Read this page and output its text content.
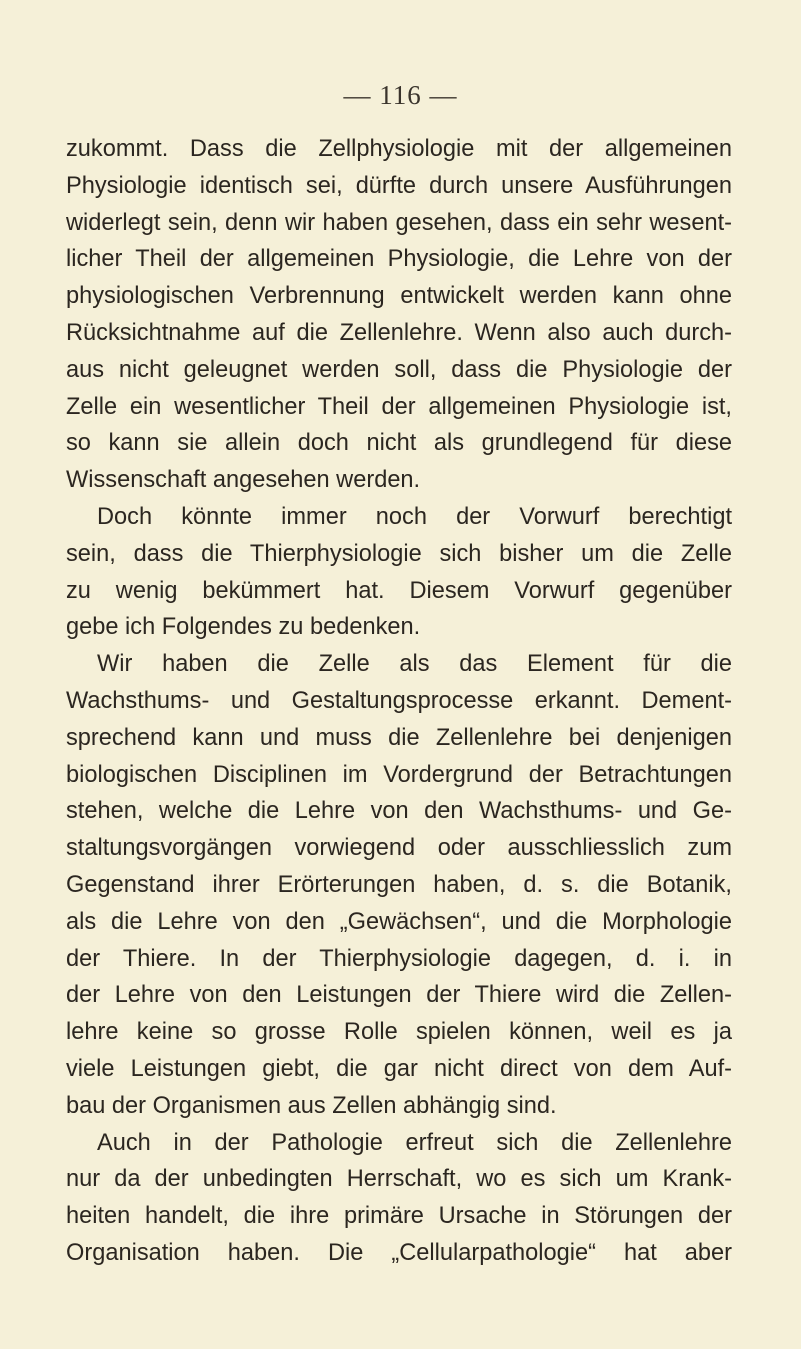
— 116 —
zukommt. Dass die Zellphysiologie mit der allgemeinen
Physiologie identisch sei, dürfte durch unsere Ausführungen
widerlegt sein, denn wir haben gesehen, dass ein sehr wesent-
licher Theil der allgemeinen Physiologie, die Lehre von der
physiologischen Verbrennung entwickelt werden kann ohne
Rücksichtnahme auf die Zellenlehre. Wenn also auch durch-
aus nicht geleugnet werden soll, dass die Physiologie der
Zelle ein wesentlicher Theil der allgemeinen Physiologie ist,
so kann sie allein doch nicht als grundlegend für diese
Wissenschaft angesehen werden.
Doch könnte immer noch der Vorwurf berechtigt
sein, dass die Thierphysiologie sich bisher um die Zelle
zu wenig bekümmert hat. Diesem Vorwurf gegenüber
gebe ich Folgendes zu bedenken.
Wir haben die Zelle als das Element für die
Wachsthums- und Gestaltungsprocesse erkannt. Dement-
sprechend kann und muss die Zellenlehre bei denjenigen
biologischen Disciplinen im Vordergrund der Betrachtungen
stehen, welche die Lehre von den Wachsthums- und Ge-
staltungsvorgängen vorwiegend oder ausschliesslich zum
Gegenstand ihrer Erörterungen haben, d. s. die Botanik,
als die Lehre von den „Gewächsen“, und die Morphologie
der Thiere. In der Thierphysiologie dagegen, d. i. in
der Lehre von den Leistungen der Thiere wird die Zellen-
lehre keine so grosse Rolle spielen können, weil es ja
viele Leistungen giebt, die gar nicht direct von dem Auf-
bau der Organismen aus Zellen abhängig sind.
Auch in der Pathologie erfreut sich die Zellenlehre
nur da der unbedingten Herrschaft, wo es sich um Krank-
heiten handelt, die ihre primäre Ursache in Störungen der
Organisation haben. Die „Cellularpathologie“ hat aber
